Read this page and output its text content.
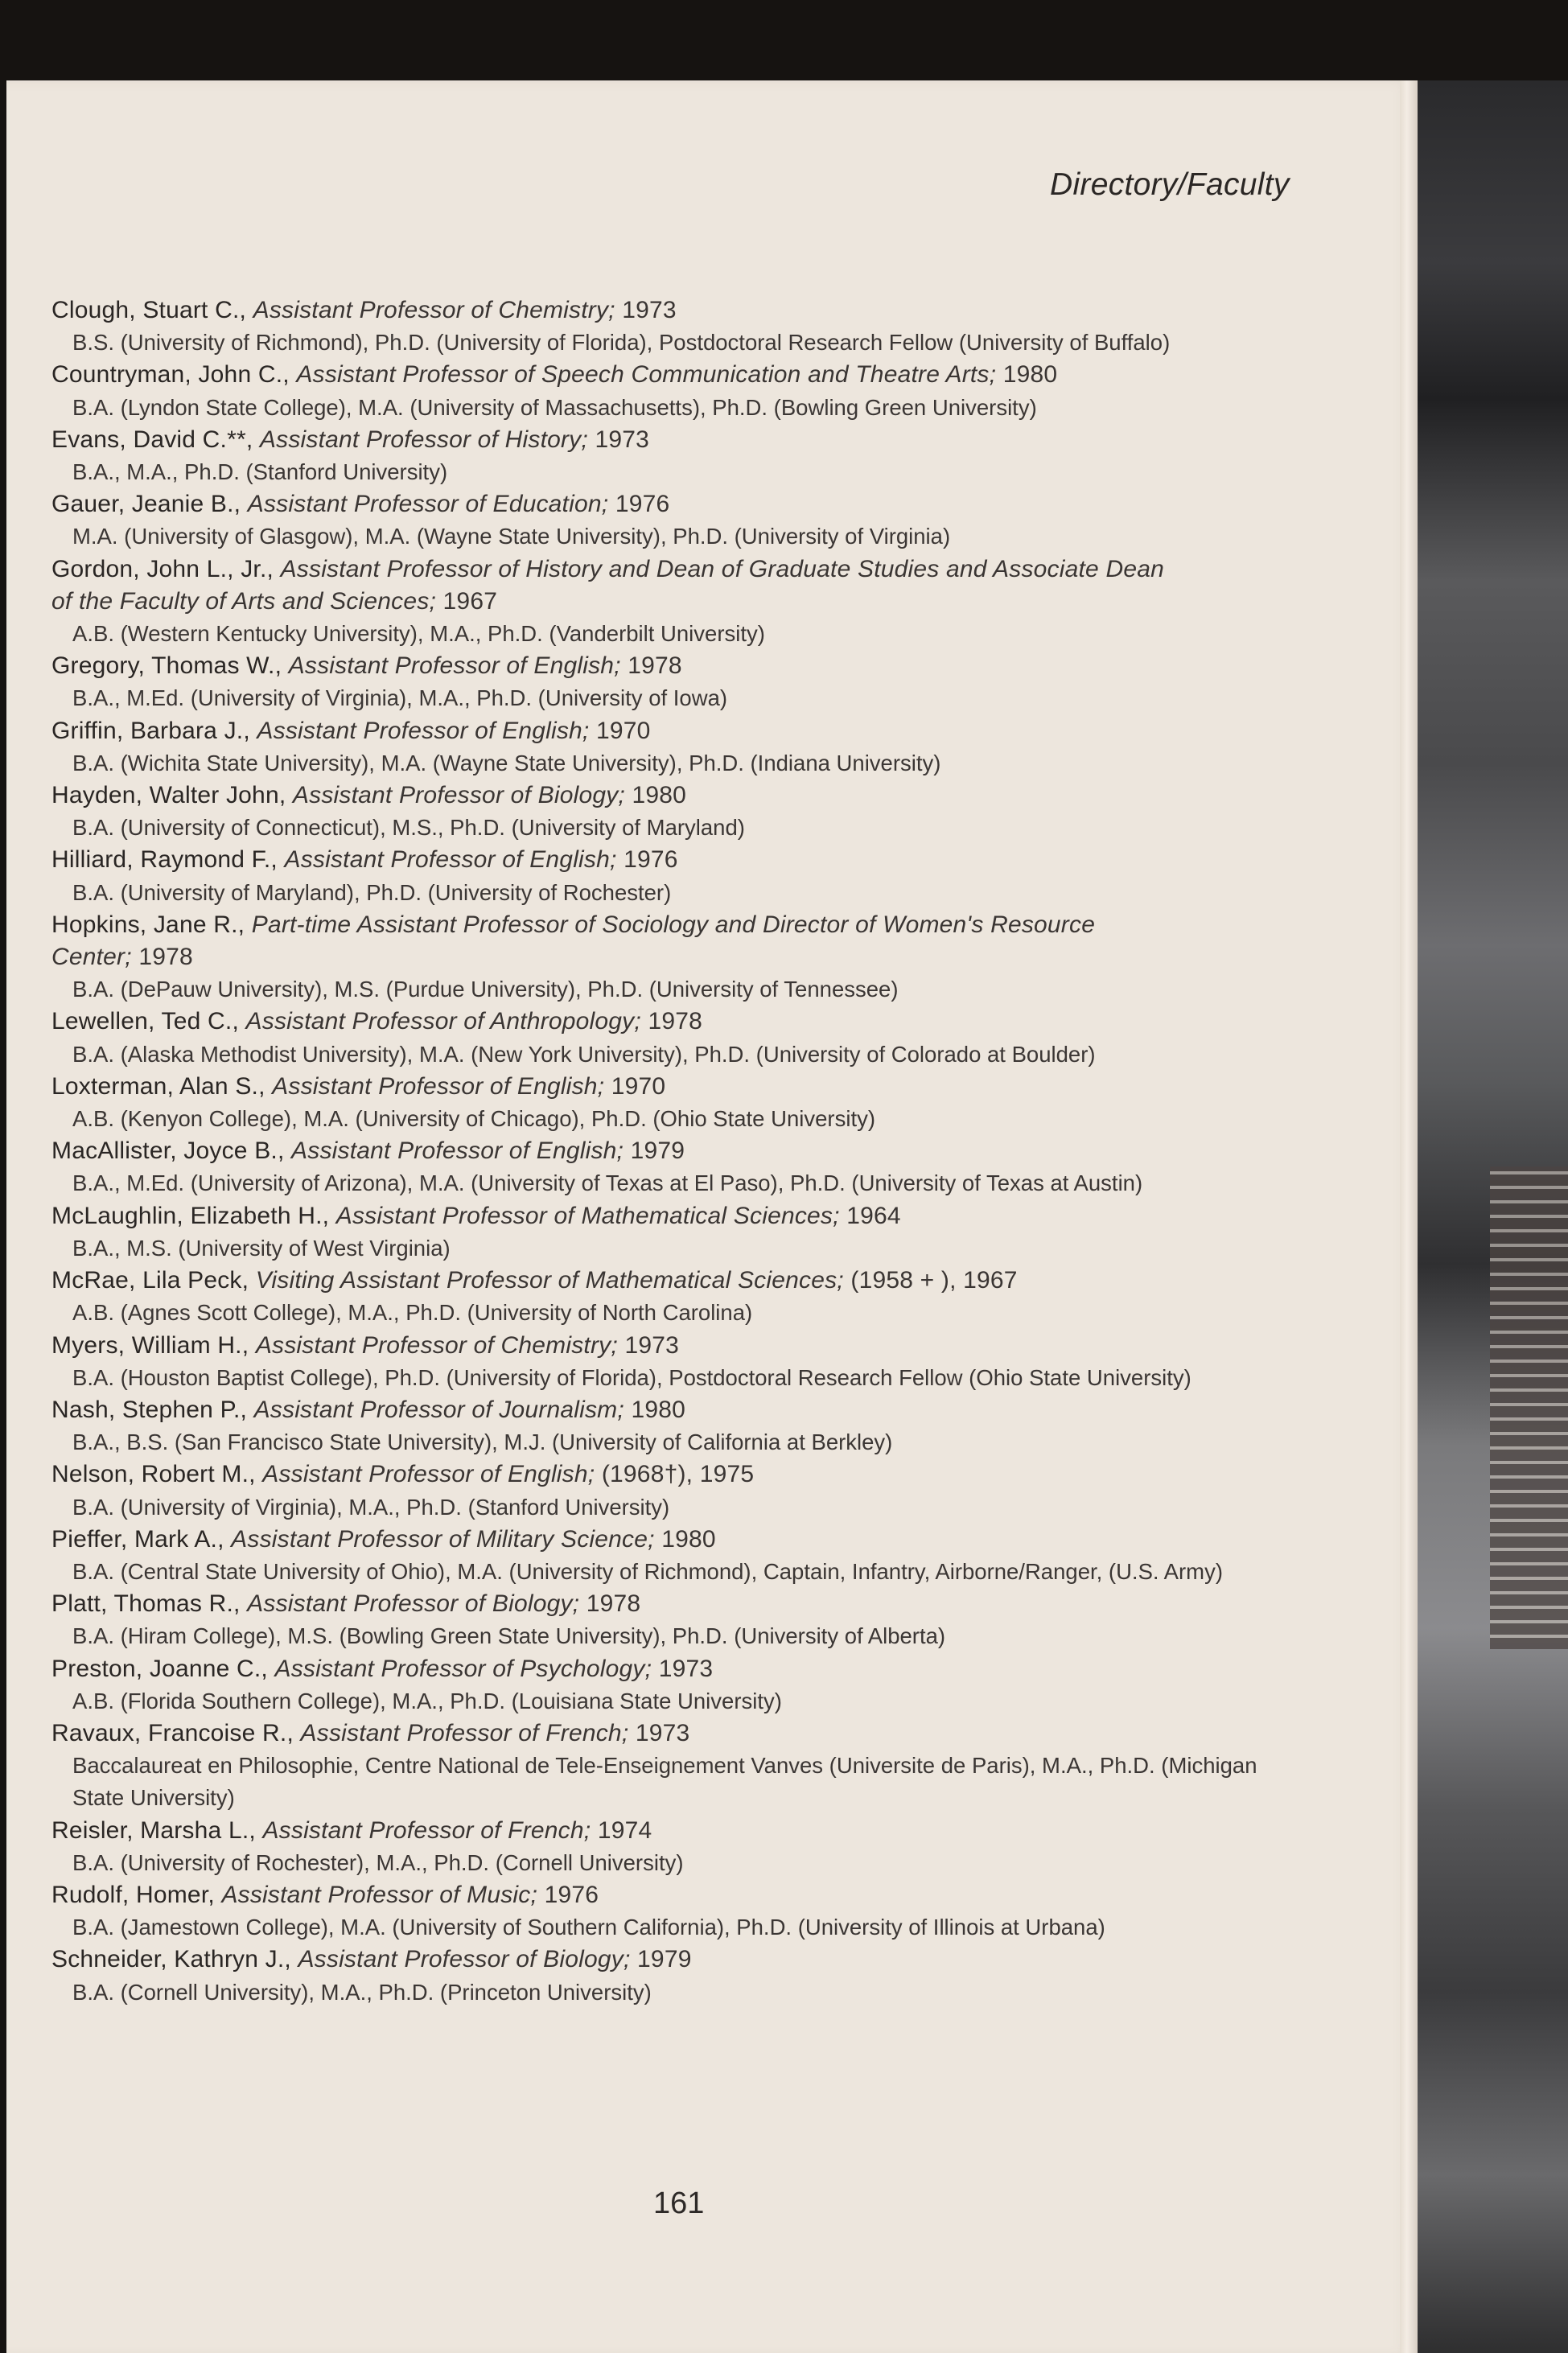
Directory/Faculty
Clough, Stuart C., Assistant Professor of Chemistry; 1973
B.S. (University of Richmond), Ph.D. (University of Florida), Postdoctoral Research Fellow (University of Buffalo)
Countryman, John C., Assistant Professor of Speech Communication and Theatre Arts; 1980
B.A. (Lyndon State College), M.A. (University of Massachusetts), Ph.D. (Bowling Green University)
Evans, David C.**, Assistant Professor of History; 1973
B.A., M.A., Ph.D. (Stanford University)
Gauer, Jeanie B., Assistant Professor of Education; 1976
M.A. (University of Glasgow), M.A. (Wayne State University), Ph.D. (University of Virginia)
Gordon, John L., Jr., Assistant Professor of History and Dean of Graduate Studies and Associate Dean
of the Faculty of Arts and Sciences; 1967
A.B. (Western Kentucky University), M.A., Ph.D. (Vanderbilt University)
Gregory, Thomas W., Assistant Professor of English; 1978
B.A., M.Ed. (University of Virginia), M.A., Ph.D. (University of Iowa)
Griffin, Barbara J., Assistant Professor of English; 1970
B.A. (Wichita State University), M.A. (Wayne State University), Ph.D. (Indiana University)
Hayden, Walter John, Assistant Professor of Biology; 1980
B.A. (University of Connecticut), M.S., Ph.D. (University of Maryland)
Hilliard, Raymond F., Assistant Professor of English; 1976
B.A. (University of Maryland), Ph.D. (University of Rochester)
Hopkins, Jane R., Part-time Assistant Professor of Sociology and Director of Women's Resource
Center; 1978
B.A. (DePauw University), M.S. (Purdue University), Ph.D. (University of Tennessee)
Lewellen, Ted C., Assistant Professor of Anthropology; 1978
B.A. (Alaska Methodist University), M.A. (New York University), Ph.D. (University of Colorado at Boulder)
Loxterman, Alan S., Assistant Professor of English; 1970
A.B. (Kenyon College), M.A. (University of Chicago), Ph.D. (Ohio State University)
MacAllister, Joyce B., Assistant Professor of English; 1979
B.A., M.Ed. (University of Arizona), M.A. (University of Texas at El Paso), Ph.D. (University of Texas at Austin)
McLaughlin, Elizabeth H., Assistant Professor of Mathematical Sciences; 1964
B.A., M.S. (University of West Virginia)
McRae, Lila Peck, Visiting Assistant Professor of Mathematical Sciences; (1958 + ), 1967
A.B. (Agnes Scott College), M.A., Ph.D. (University of North Carolina)
Myers, William H., Assistant Professor of Chemistry; 1973
B.A. (Houston Baptist College), Ph.D. (University of Florida), Postdoctoral Research Fellow (Ohio State University)
Nash, Stephen P., Assistant Professor of Journalism; 1980
B.A., B.S. (San Francisco State University), M.J. (University of California at Berkley)
Nelson, Robert M., Assistant Professor of English; (1968†), 1975
B.A. (University of Virginia), M.A., Ph.D. (Stanford University)
Pieffer, Mark A., Assistant Professor of Military Science; 1980
B.A. (Central State University of Ohio), M.A. (University of Richmond), Captain, Infantry, Airborne/Ranger, (U.S. Army)
Platt, Thomas R., Assistant Professor of Biology; 1978
B.A. (Hiram College), M.S. (Bowling Green State University), Ph.D. (University of Alberta)
Preston, Joanne C., Assistant Professor of Psychology; 1973
A.B. (Florida Southern College), M.A., Ph.D. (Louisiana State University)
Ravaux, Francoise R., Assistant Professor of French; 1973
Baccalaureat en Philosophie, Centre National de Tele-Enseignement Vanves (Universite de Paris), M.A., Ph.D. (Michigan State University)
Reisler, Marsha L., Assistant Professor of French; 1974
B.A. (University of Rochester), M.A., Ph.D. (Cornell University)
Rudolf, Homer, Assistant Professor of Music; 1976
B.A. (Jamestown College), M.A. (University of Southern California), Ph.D. (University of Illinois at Urbana)
Schneider, Kathryn J., Assistant Professor of Biology; 1979
B.A. (Cornell University), M.A., Ph.D. (Princeton University)
161
